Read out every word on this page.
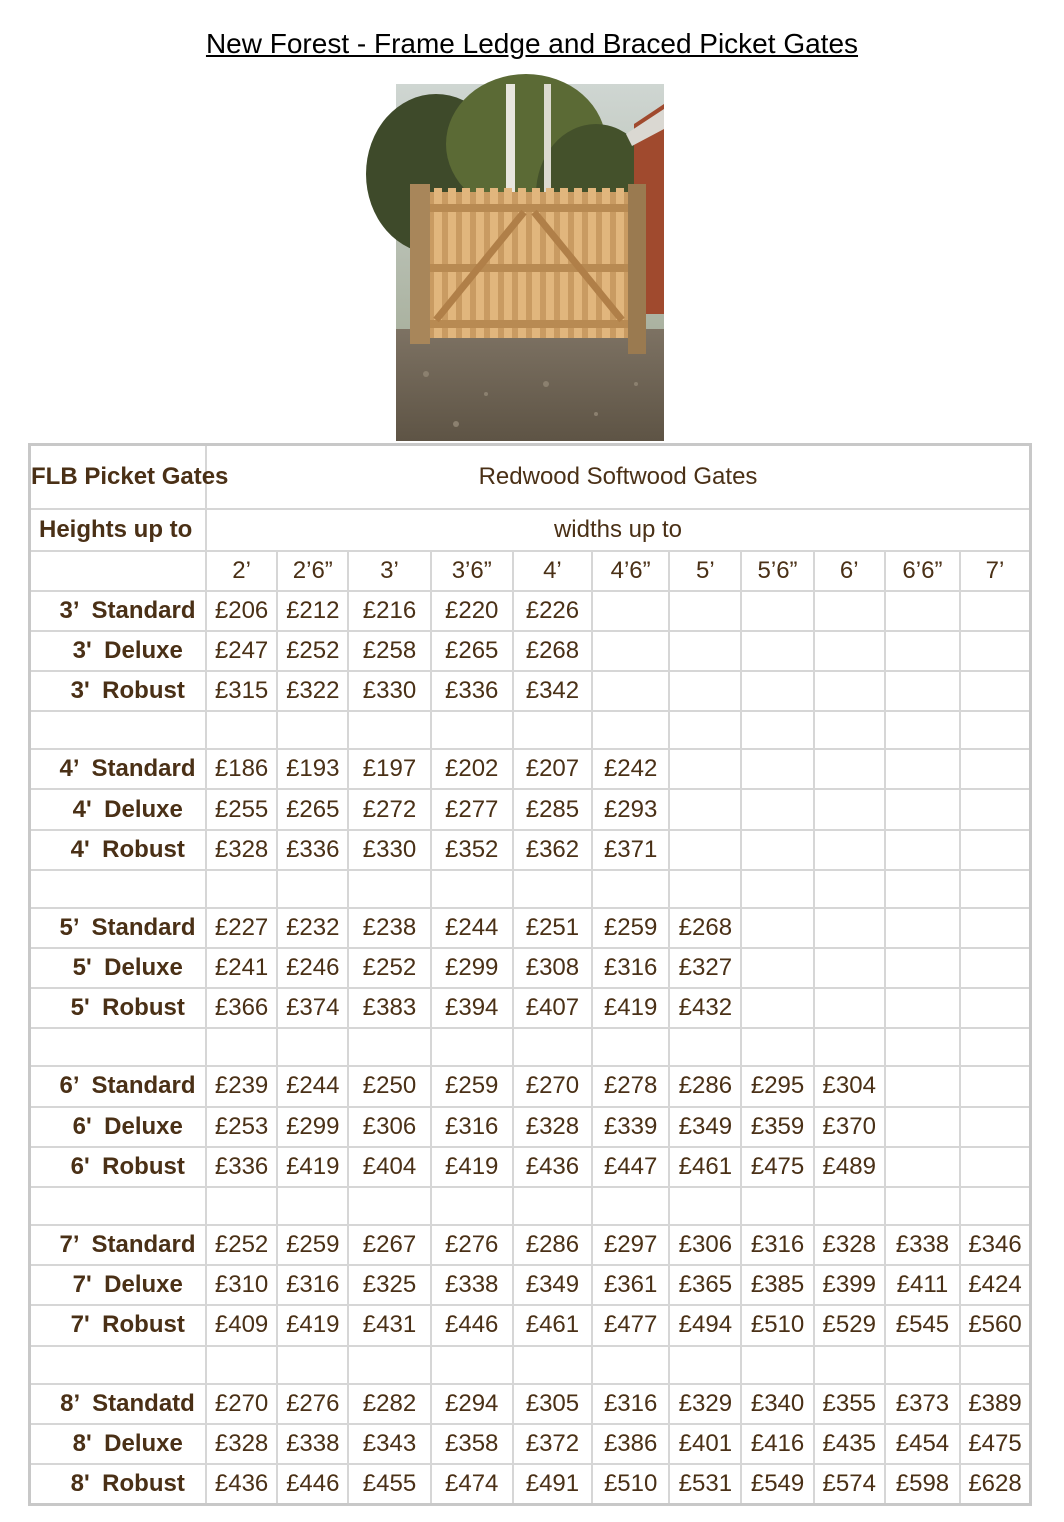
New Forest - Frame Ledge and Braced Picket Gates
FLB Picket Gates	Redwood Softwood Gates										
Heights up to	widths up to										
	2’	2’6”	3’	3’6”	4’	4’6”	5’	5’6”	6’	6’6”	7’
3’ Standard	£206	£212	£216	£220	£226						
3' Deluxe	£247	£252	£258	£265	£268						
3' Robust	£315	£322	£330	£336	£342						

4’ Standard	£186	£193	£197	£202	£207	£242					
4' Deluxe	£255	£265	£272	£277	£285	£293					
4' Robust	£328	£336	£330	£352	£362	£371					

5’ Standard	£227	£232	£238	£244	£251	£259	£268				
5' Deluxe	£241	£246	£252	£299	£308	£316	£327				
5' Robust	£366	£374	£383	£394	£407	£419	£432				

6’ Standard	£239	£244	£250	£259	£270	£278	£286	£295	£304		
6' Deluxe	£253	£299	£306	£316	£328	£339	£349	£359	£370		
6' Robust	£336	£419	£404	£419	£436	£447	£461	£475	£489		

7’ Standard	£252	£259	£267	£276	£286	£297	£306	£316	£328	£338	£346
7' Deluxe	£310	£316	£325	£338	£349	£361	£365	£385	£399	£411	£424
7' Robust	£409	£419	£431	£446	£461	£477	£494	£510	£529	£545	£560

8’ Standatd	£270	£276	£282	£294	£305	£316	£329	£340	£355	£373	£389
8' Deluxe	£328	£338	£343	£358	£372	£386	£401	£416	£435	£454	£475
8' Robust	£436	£446	£455	£474	£491	£510	£531	£549	£574	£598	£628
